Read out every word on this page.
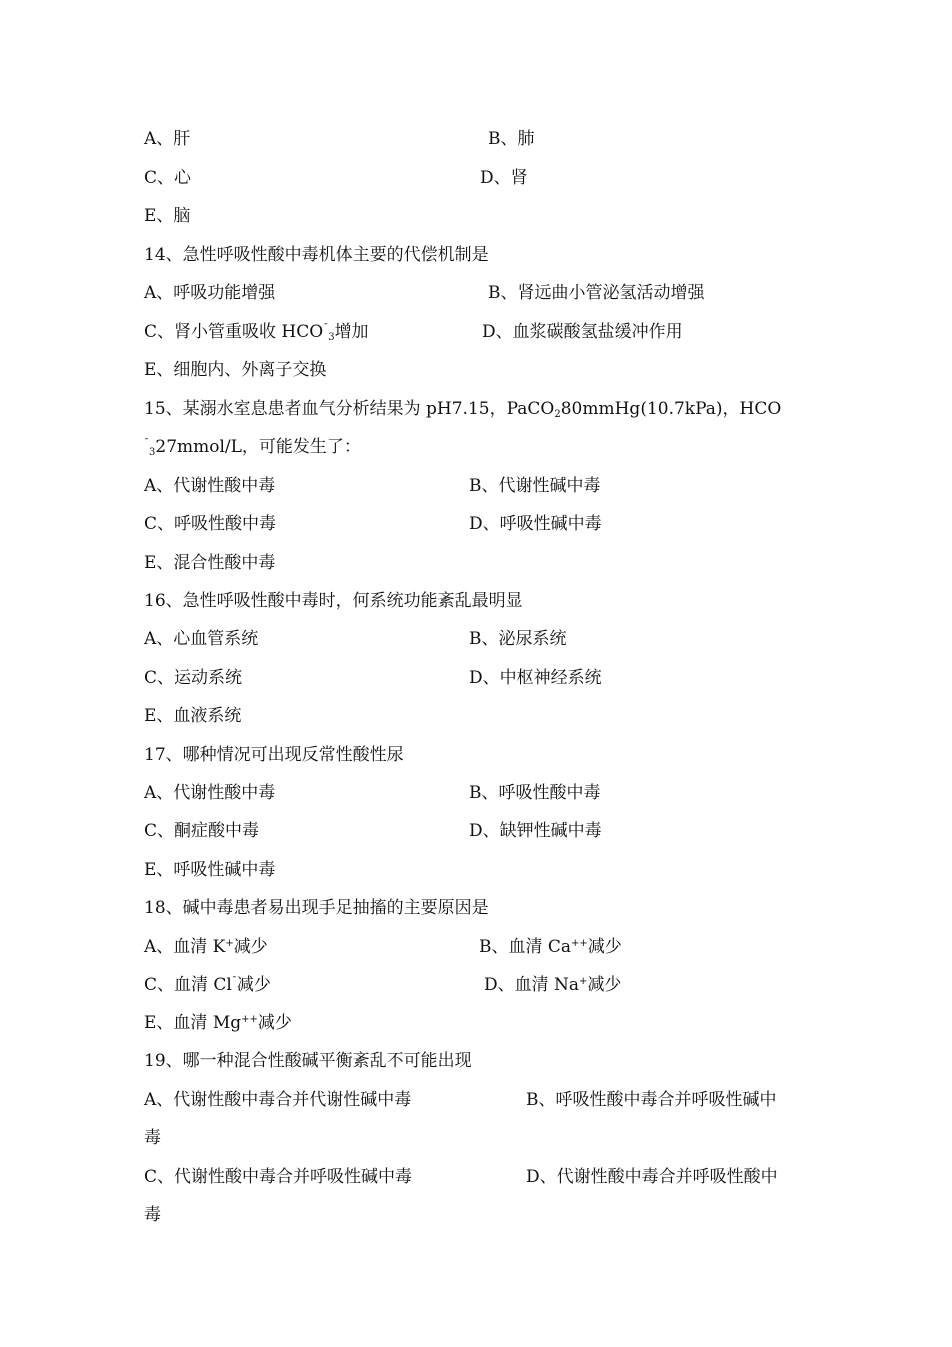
A、肝	B、肺
C、心	D、肾
E、脑
14、急性呼吸性酸中毒机体主要的代偿机制是
A、呼吸功能增强	B、肾远曲小管泌氢活动增强
C、肾小管重吸收 $HCO^¯_3$增加	D、血浆碳酸氢盐缓冲作用
E、细胞内、外离子交换
15、某溺水室息患者血气分析结果为 pH7.15，PaCO$_2$80mmHg(10.7kPa)，HCO
¯$_3$27mmol/L，可能发生了：
A、代谢性酸中毒	B、代谢性碱中毒
C、呼吸性酸中毒	D、呼吸性碱中毒
E、混合性酸中毒
16、急性呼吸性酸中毒时，何系统功能紊乱最明显
A、心血管系统	B、泌尿系统
C、运动系统	D、中枢神经系统
E、血液系统
17、哪种情况可出现反常性酸性尿
A、代谢性酸中毒	B、呼吸性酸中毒
C、酮症酸中毒	D、缺钾性碱中毒
E、呼吸性碱中毒
18、碱中毒患者易出现手足抽搐的主要原因是
A、血清 K+减少	B、血清 Ca++减少
C、血清 Cl¯减少	D、血清 Na+减少
E、血清 Mg++减少
19、哪一种混合性酸碱平衡紊乱不可能出现
A、代谢性酸中毒合并代谢性碱中毒	B、呼吸性酸中毒合并呼吸性碱中
毒
C、代谢性酸中毒合并呼吸性碱中毒	D、代谢性酸中毒合并呼吸性酸中
毒
